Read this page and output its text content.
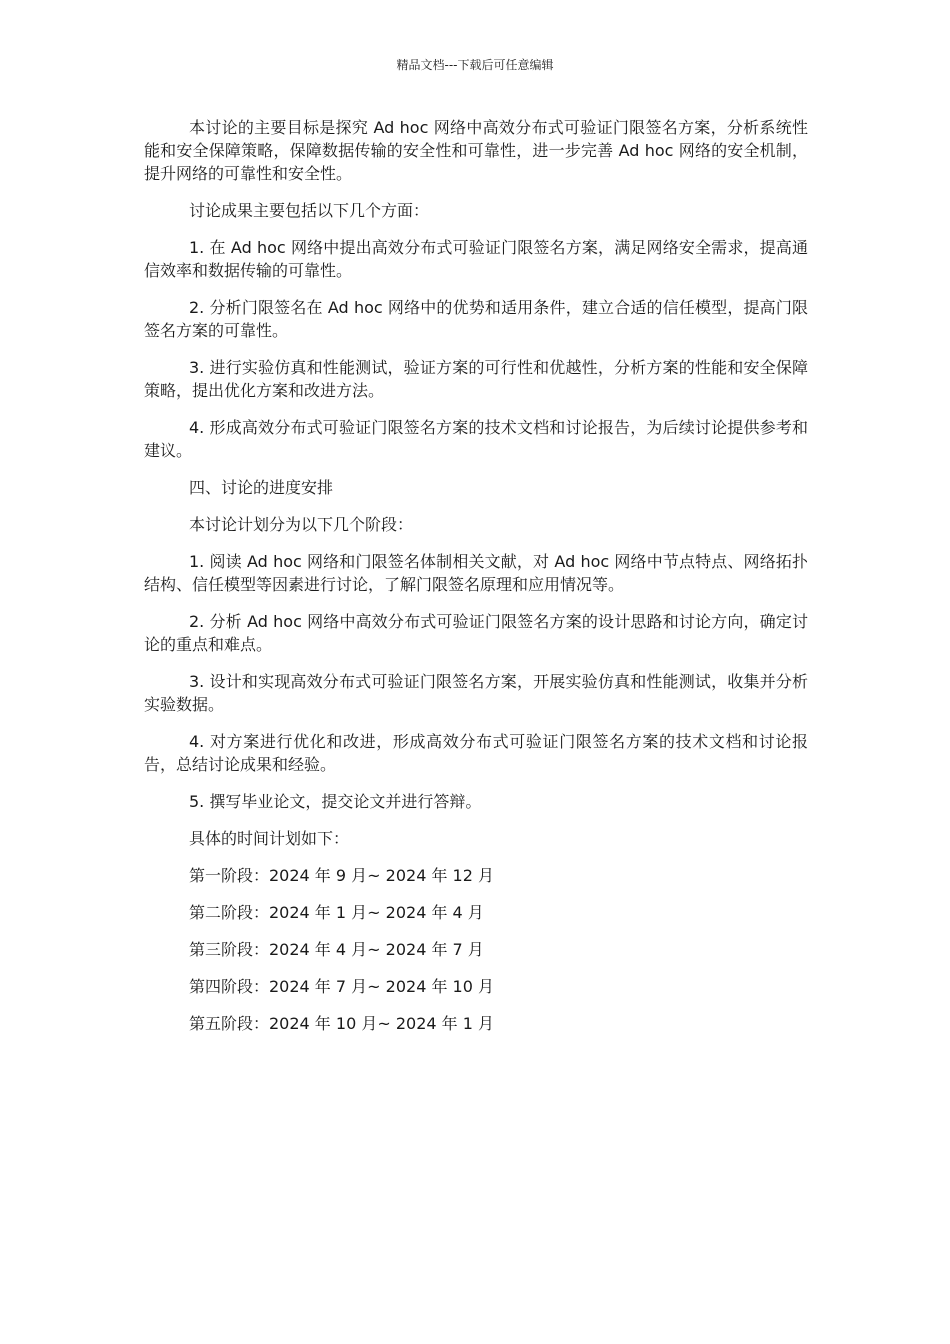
精品文档---下载后可任意编辑

本讨论的主要目标是探究 Ad hoc 网络中高效分布式可验证门限签名方案，分析系统性能和安全保障策略，保障数据传输的安全性和可靠性，进一步完善 Ad hoc 网络的安全机制，提升网络的可靠性和安全性。

讨论成果主要包括以下几个方面：

1. 在 Ad hoc 网络中提出高效分布式可验证门限签名方案，满足网络安全需求，提高通信效率和数据传输的可靠性。

2. 分析门限签名在 Ad hoc 网络中的优势和适用条件，建立合适的信任模型，提高门限签名方案的可靠性。

3. 进行实验仿真和性能测试，验证方案的可行性和优越性，分析方案的性能和安全保障策略，提出优化方案和改进方法。

4. 形成高效分布式可验证门限签名方案的技术文档和讨论报告，为后续讨论提供参考和建议。

四、讨论的进度安排

本讨论计划分为以下几个阶段：

1. 阅读 Ad hoc 网络和门限签名体制相关文献，对 Ad hoc 网络中节点特点、网络拓扑结构、信任模型等因素进行讨论，了解门限签名原理和应用情况等。

2. 分析 Ad hoc 网络中高效分布式可验证门限签名方案的设计思路和讨论方向，确定讨论的重点和难点。

3. 设计和实现高效分布式可验证门限签名方案，开展实验仿真和性能测试，收集并分析实验数据。

4. 对方案进行优化和改进，形成高效分布式可验证门限签名方案的技术文档和讨论报告，总结讨论成果和经验。

5. 撰写毕业论文，提交论文并进行答辩。

具体的时间计划如下：

第一阶段：2024 年 9 月~ 2024 年 12 月

第二阶段：2024 年 1 月~ 2024 年 4 月

第三阶段：2024 年 4 月~ 2024 年 7 月

第四阶段：2024 年 7 月~ 2024 年 10 月

第五阶段：2024 年 10 月~ 2024 年 1 月
